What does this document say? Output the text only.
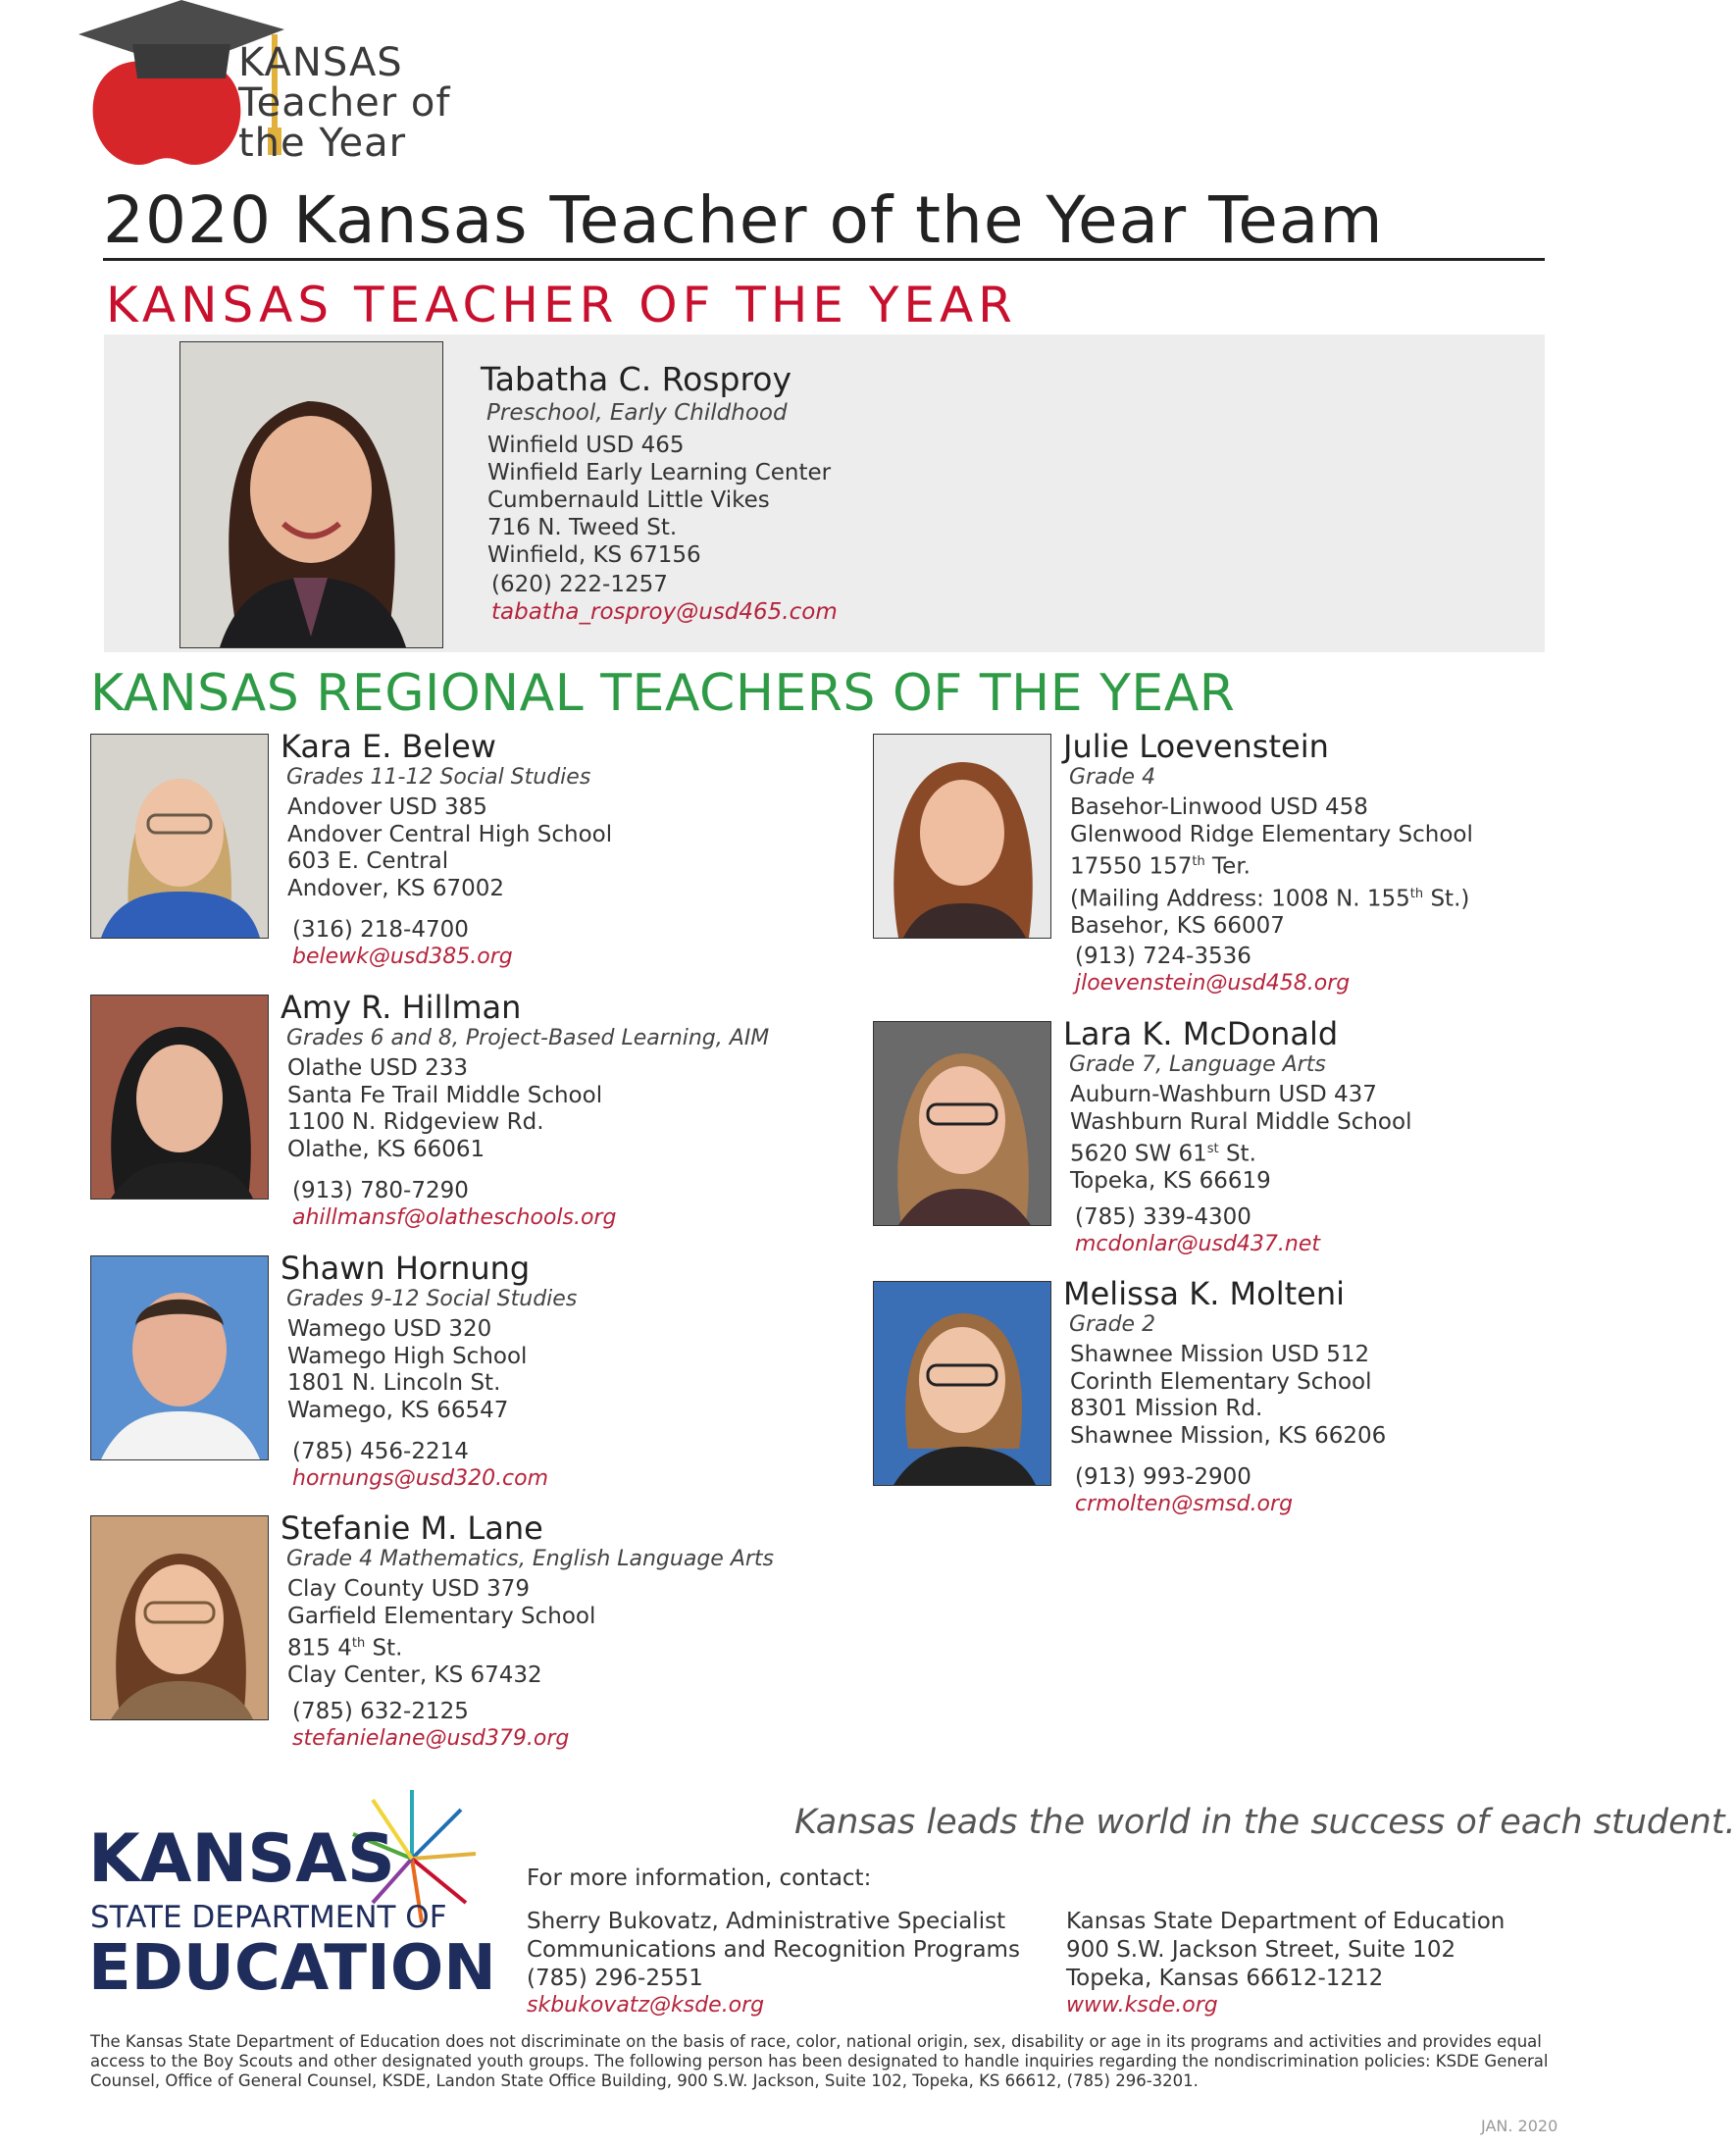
KANSAS
Teacher of
the Year
2020 Kansas Teacher of the Year Team
KANSAS TEACHER OF THE YEAR
Tabatha C. Rosproy
Preschool, Early Childhood
Winfield USD 465
Winfield Early Learning Center
Cumbernauld Little Vikes
716 N. Tweed St.
Winfield, KS 67156
(620) 222-1257
tabatha_rosproy@usd465.com
KANSAS REGIONAL TEACHERS OF THE YEAR
Kara E. Belew
Grades 11-12 Social Studies
Andover USD 385
Andover Central High School
603 E. Central
Andover, KS 67002
(316) 218-4700
belewk@usd385.org
Amy R. Hillman
Grades 6 and 8, Project-Based Learning, AIM
Olathe USD 233
Santa Fe Trail Middle School
1100 N. Ridgeview Rd.
Olathe, KS 66061
(913) 780-7290
ahillmansf@olatheschools.org
Shawn Hornung
Grades 9-12 Social Studies
Wamego USD 320
Wamego High School
1801 N. Lincoln St.
Wamego, KS 66547
(785) 456-2214
hornungs@usd320.com
Stefanie M. Lane
Grade 4 Mathematics, English Language Arts
Clay County USD 379
Garfield Elementary School
815 4th St.
Clay Center, KS 67432
(785) 632-2125
stefanielane@usd379.org
Julie Loevenstein
Grade 4
Basehor-Linwood USD 458
Glenwood Ridge Elementary School
17550 157th Ter.
(Mailing Address: 1008 N. 155th St.)
Basehor, KS 66007
(913) 724-3536
jloevenstein@usd458.org
Lara K. McDonald
Grade 7, Language Arts
Auburn-Washburn USD 437
Washburn Rural Middle School
5620 SW 61st St.
Topeka, KS 66619
(785) 339-4300
mcdonlar@usd437.net
Melissa K. Molteni
Grade 2
Shawnee Mission USD 512
Corinth Elementary School
8301 Mission Rd.
Shawnee Mission, KS 66206
(913) 993-2900
crmolten@smsd.org
KANSAS
STATE DEPARTMENT OF
EDUCATION
Kansas leads the world in the success of each student.
For more information, contact:
Sherry Bukovatz, Administrative Specialist
Communications and Recognition Programs
(785) 296-2551
skbukovatz@ksde.org
Kansas State Department of Education
900 S.W. Jackson Street, Suite 102
Topeka, Kansas 66612-1212
www.ksde.org
The Kansas State Department of Education does not discriminate on the basis of race, color, national origin, sex, disability or age in its programs and activities and provides equal access to the Boy Scouts and other designated youth groups. The following person has been designated to handle inquiries regarding the nondiscrimination policies: KSDE General Counsel, Office of General Counsel, KSDE, Landon State Office Building, 900 S.W. Jackson, Suite 102, Topeka, KS 66612, (785) 296-3201.
JAN. 2020
